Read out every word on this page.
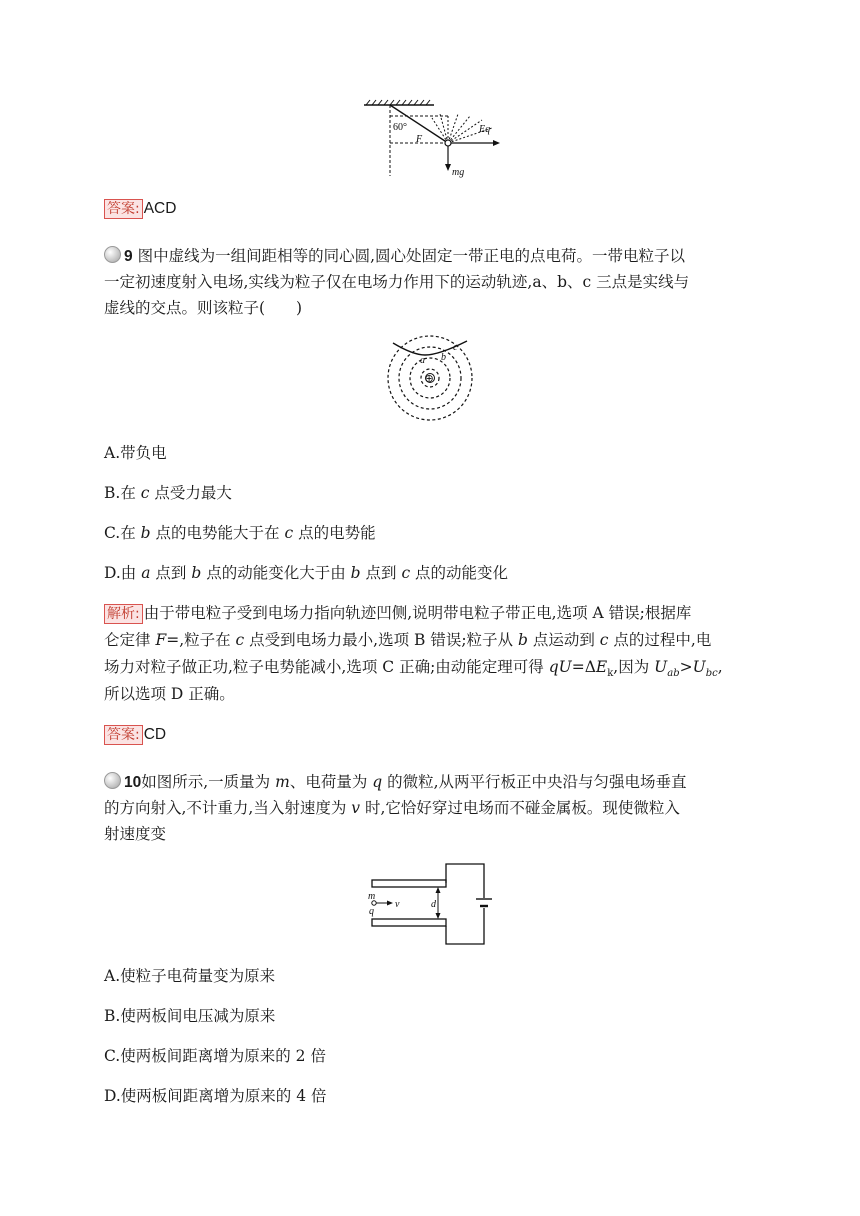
60°
F
Eq
mg
答案: ACD
9 图中虚线为一组间距相等的同心圆,圆心处固定一带正电的点电荷。一带电粒子以
一定初速度射入电场,实线为粒子仅在电场力作用下的运动轨迹,a、b、c 三点是实线与
虚线的交点。则该粒子(　　)
⊕
a b
c
A.带负电
B.在 c 点受力最大
C.在 b 点的电势能大于在 c 点的电势能
D.由 a 点到 b 点的动能变化大于由 b 点到 c 点的动能变化
解析: 由于带电粒子受到电场力指向轨迹凹侧,说明带电粒子带正电,选项 A 错误;根据库
仑定律 F=,粒子在 c 点受到电场力最小,选项 B 错误;粒子从 b 点运动到 c 点的过程中,电
场力对粒子做正功,粒子电势能减小,选项 C 正确;由动能定理可得 $qU=\Delta E_k$,因为 $U_{ab}>U_{bc}$,
所以选项 D 正确。
答案: CD
10如图所示,一质量为 m、电荷量为 q 的微粒,从两平行板正中央沿与匀强电场垂直
的方向射入,不计重力,当入射速度为 v 时,它恰好穿过电场而不碰金属板。现使微粒入
射速度变
m
q
v	d
A.使粒子电荷量变为原来
B.使两板间电压减为原来
C.使两板间距离增为原来的 2 倍
D.使两板间距离增为原来的 4 倍
